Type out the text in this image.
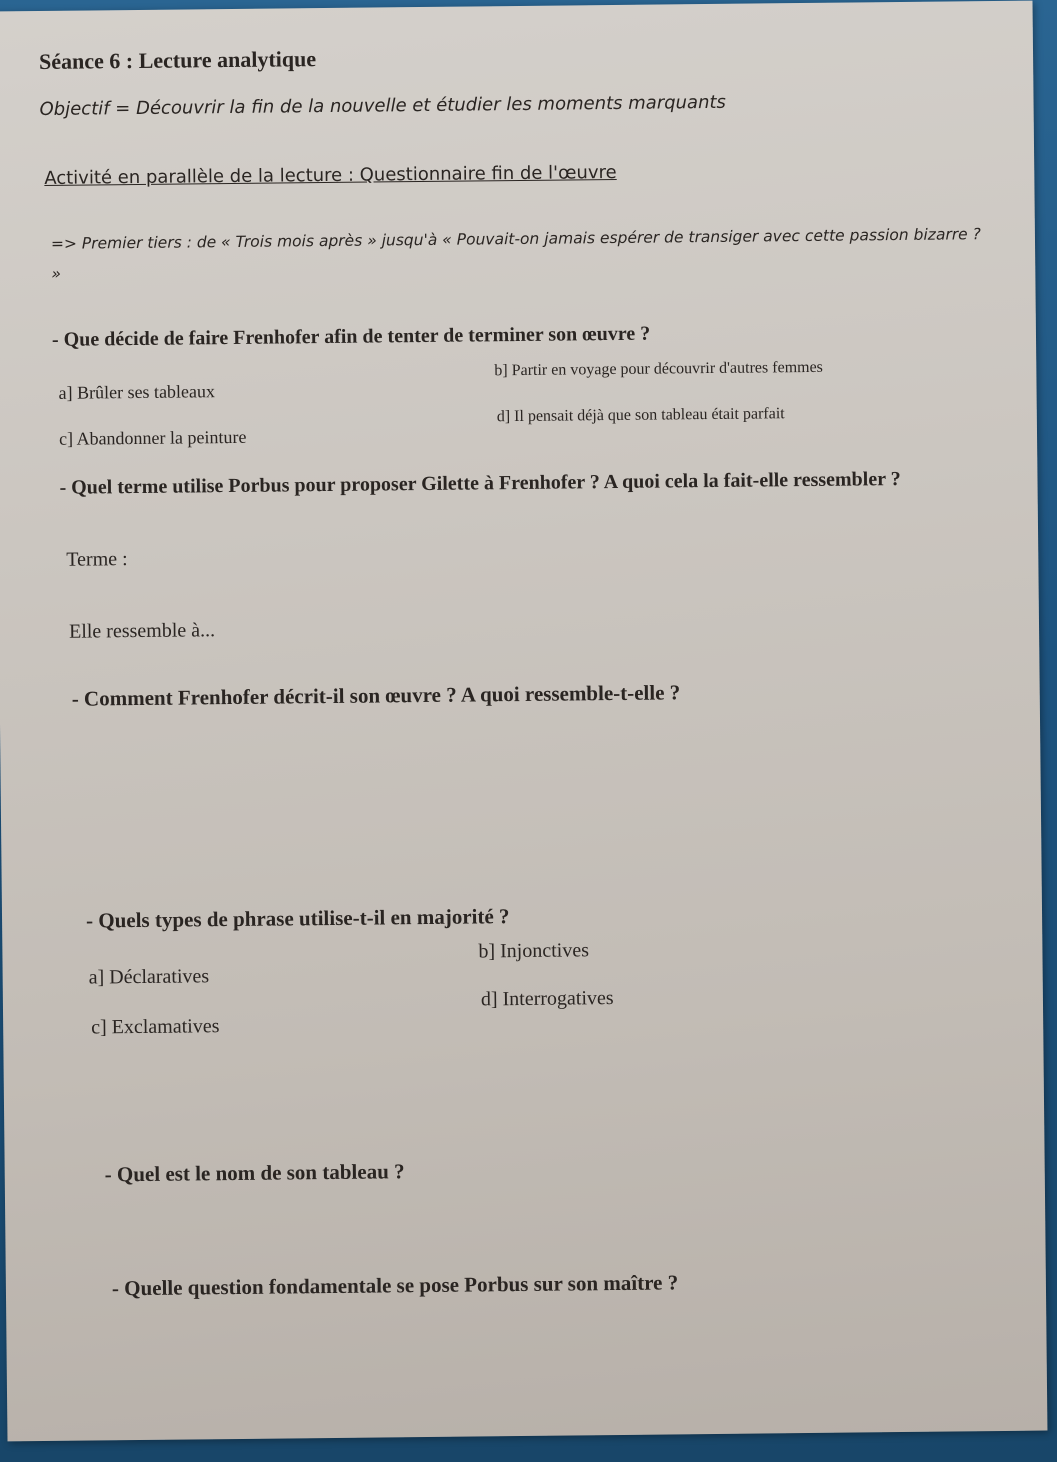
Séance 6 : Lecture analytique
Objectif = Découvrir la fin de la nouvelle et étudier les moments marquants
Activité en parallèle de la lecture : Questionnaire fin de l'œuvre
=> Premier tiers : de « Trois mois après » jusqu'à « Pouvait-on jamais espérer de transiger avec cette passion bizarre ? »
- Que décide de faire Frenhofer afin de tenter de terminer son œuvre ?
a] Brûler ses tableaux
b] Partir en voyage pour découvrir d'autres femmes
c] Abandonner la peinture
d] Il pensait déjà que son tableau était parfait
- Quel terme utilise Porbus pour proposer Gilette à Frenhofer ? A quoi cela la fait-elle ressembler ?
Terme :
Elle ressemble à...
- Comment Frenhofer décrit-il son œuvre ? A quoi ressemble-t-elle ?
- Quels types de phrase utilise-t-il en majorité ?
a] Déclaratives
b] Injonctives
c] Exclamatives
d] Interrogatives
- Quel est le nom de son tableau ?
- Quelle question fondamentale se pose Porbus sur son maître ?
